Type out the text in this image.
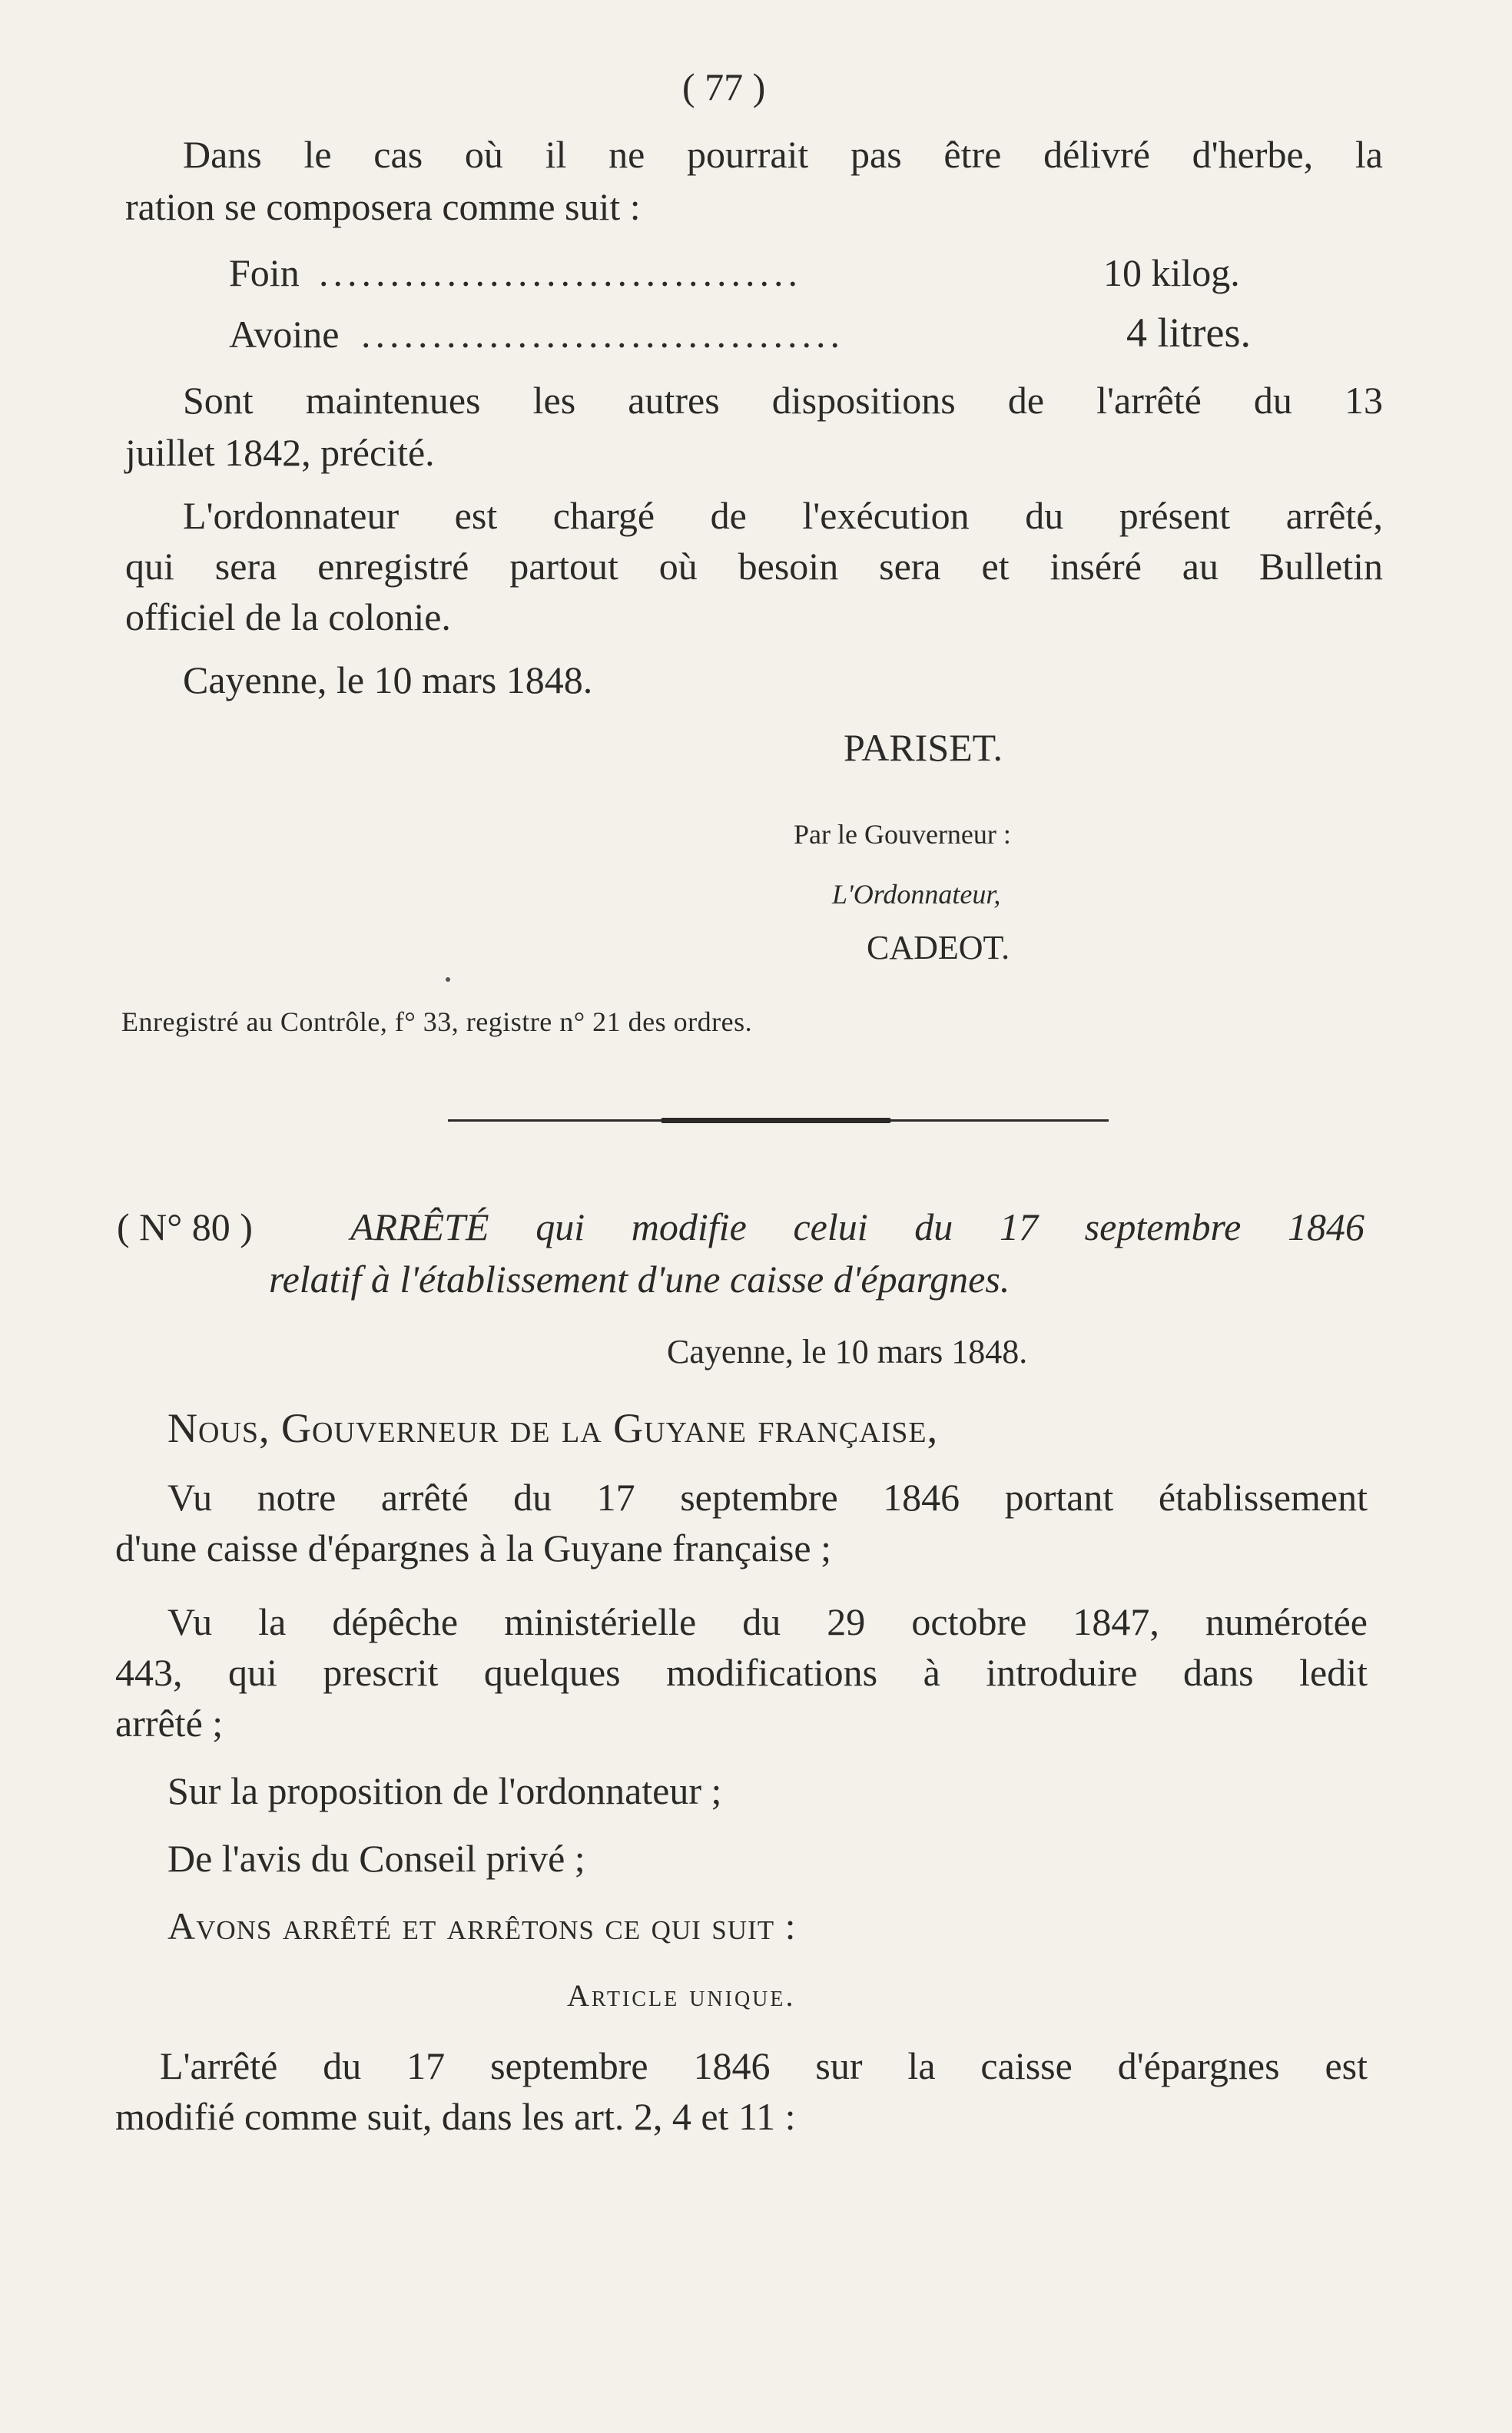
( 77 )
Dans le cas où il ne pourrait pas être délivré d'herbe, la
ration se composera comme suit :
Foin ..................................	10 kilog.
Avoine ..................................	4 litres.
Sont maintenues les autres dispositions de l'arrêté du 13
juillet 1842, précité.
L'ordonnateur est chargé de l'exécution du présent arrêté,
qui sera enregistré partout où besoin sera et inséré au Bulletin
officiel de la colonie.
Cayenne, le 10 mars 1848.
PARISET.
Par le Gouverneur :
L'Ordonnateur,
CADEOT.
Enregistré au Contrôle, f° 33, registre n° 21 des ordres.
( N° 80 )	ARRÊTÉ qui modifie celui du 17 septembre 1846
relatif à l'établissement d'une caisse d'épargnes.
Cayenne, le 10 mars 1848.
Nous, Gouverneur de la Guyane française,
Vu notre arrêté du 17 septembre 1846 portant établissement
d'une caisse d'épargnes à la Guyane française ;
Vu la dépêche ministérielle du 29 octobre 1847, numérotée
443, qui prescrit quelques modifications à introduire dans ledit
arrêté ;
Sur la proposition de l'ordonnateur ;
De l'avis du Conseil privé ;
Avons arrêté et arrêtons ce qui suit :
Article unique.
L'arrêté du 17 septembre 1846 sur la caisse d'épargnes est
modifié comme suit, dans les art. 2, 4 et 11 :
